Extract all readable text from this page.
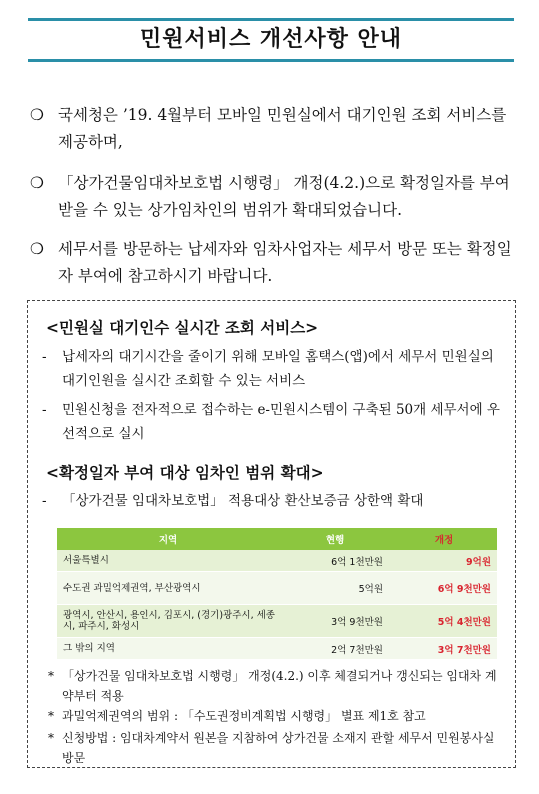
민원서비스 개선사항 안내
❍ 국세청은 ’19. 4월부터 모바일 민원실에서 대기인원 조회 서비스를 제공하며,
❍ 「상가건물임대차보호법 시행령」 개정(4.2.)으로 확정일자를 부여받을 수 있는 상가임차인의 범위가 확대되었습니다.
❍ 세무서를 방문하는 납세자와 임차사업자는 세무서 방문 또는 확정일자 부여에 참고하시기 바랍니다.
<민원실 대기인수 실시간 조회 서비스>
- 납세자의 대기시간을 줄이기 위해 모바일 홈택스(앱)에서 세무서 민원실의 대기인원을 실시간 조회할 수 있는 서비스
- 민원신청을 전자적으로 접수하는 e-민원시스템이 구축된 50개 세무서에 우선적으로 실시
<확정일자 부여 대상 임차인 범위 확대>
- 「상가건물 임대차보호법」 적용대상 환산보증금 상한액 확대
지역	현행	개정
서울특별시	6억 1천만원	9억원
수도권 과밀억제권역, 부산광역시	5억원	6억 9천만원
광역시, 안산시, 용인시, 김포시, (경기)광주시, 세종시, 파주시, 화성시	3억 9천만원	5억 4천만원
그 밖의 지역	2억 7천만원	3억 7천만원
* 「상가건물 임대차보호법 시행령」 개정(4.2.) 이후 체결되거나 갱신되는 임대차 계약부터 적용
* 과밀억제권역의 범위 : 「수도권정비계획법 시행령」 별표 제1호 참고
* 신청방법 : 임대차계약서 원본을 지참하여 상가건물 소재지 관할 세무서 민원봉사실 방문
